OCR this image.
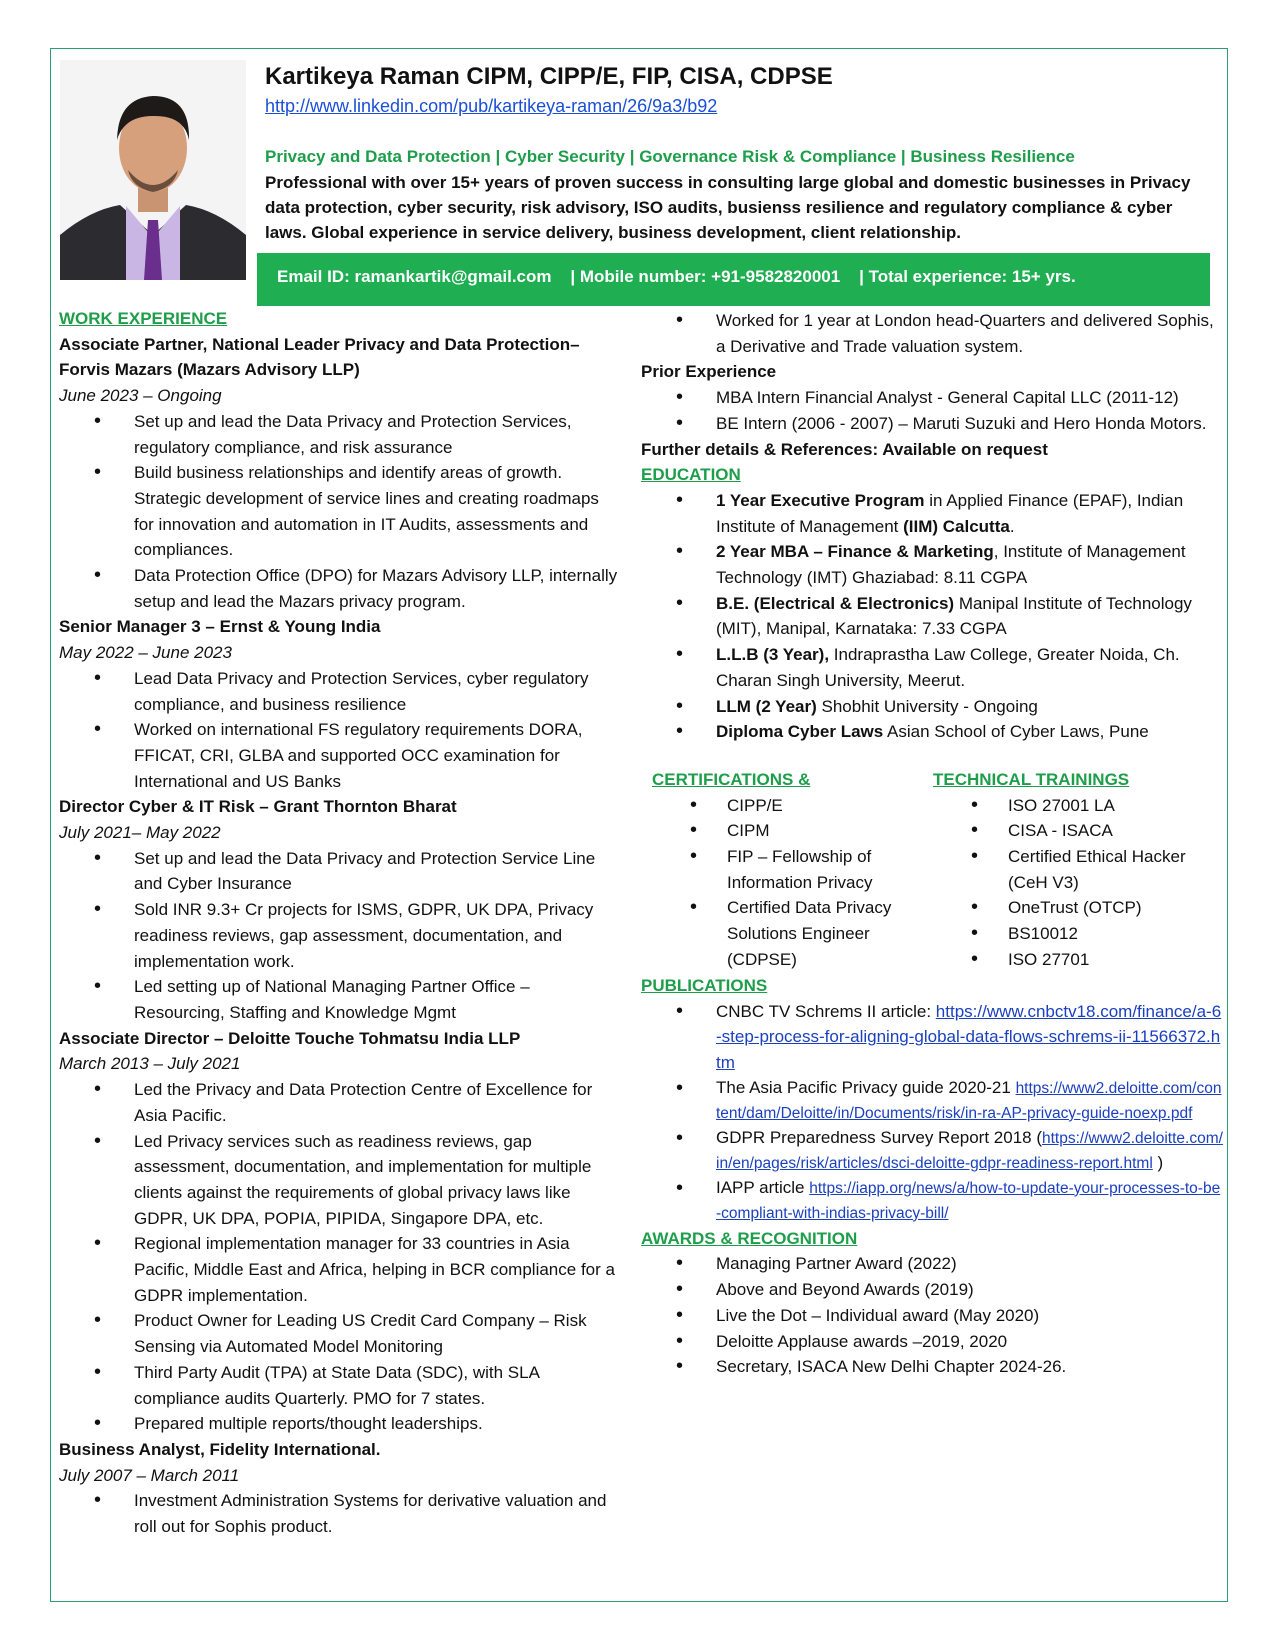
Kartikeya Raman CIPM, CIPP/E, FIP, CISA, CDPSE
http://www.linkedin.com/pub/kartikeya-raman/26/9a3/b92
Privacy and Data Protection | Cyber Security | Governance Risk & Compliance | Business Resilience
Professional with over 15+ years of proven success in consulting large global and domestic businesses in Privacy data protection, cyber security, risk advisory, ISO audits, busienss resilience and regulatory compliance & cyber laws. Global experience in service delivery, business development, client relationship.
Email ID: ramankartik@gmail.com    | Mobile number: +91-9582820001    | Total experience: 15+ yrs.
WORK EXPERIENCE
Associate Partner, National Leader Privacy and Data Protection– Forvis Mazars (Mazars Advisory LLP)
June 2023 – Ongoing
• Set up and lead the Data Privacy and Protection Services, regulatory compliance, and risk assurance
• Build business relationships and identify areas of growth. Strategic development of service lines and creating roadmaps for innovation and automation in IT Audits, assessments and compliances.
• Data Protection Office (DPO) for Mazars Advisory LLP, internally setup and lead the Mazars privacy program.
Senior Manager 3 – Ernst & Young India
May 2022 – June 2023
• Lead Data Privacy and Protection Services, cyber regulatory compliance, and business resilience
• Worked on international FS regulatory requirements DORA, FFICAT, CRI, GLBA and supported OCC examination for International and US Banks
Director Cyber & IT Risk – Grant Thornton Bharat
July 2021– May 2022
• Set up and lead the Data Privacy and Protection Service Line and Cyber Insurance
• Sold INR 9.3+ Cr projects for ISMS, GDPR, UK DPA, Privacy readiness reviews, gap assessment, documentation, and implementation work.
• Led setting up of National Managing Partner Office – Resourcing, Staffing and Knowledge Mgmt
Associate Director – Deloitte Touche Tohmatsu India LLP
March 2013 – July 2021
• Led the Privacy and Data Protection Centre of Excellence for Asia Pacific.
• Led Privacy services such as readiness reviews, gap assessment, documentation, and implementation for multiple clients against the requirements of global privacy laws like GDPR, UK DPA, POPIA, PIPIDA, Singapore DPA, etc.
• Regional implementation manager for 33 countries in Asia Pacific, Middle East and Africa, helping in BCR compliance for a GDPR implementation.
• Product Owner for Leading US Credit Card Company – Risk Sensing via Automated Model Monitoring
• Third Party Audit (TPA) at State Data (SDC), with SLA compliance audits Quarterly. PMO for 7 states.
• Prepared multiple reports/thought leaderships.
Business Analyst, Fidelity International.
July 2007 – March 2011
• Investment Administration Systems for derivative valuation and roll out for Sophis product.
• Worked for 1 year at London head-Quarters and delivered Sophis, a Derivative and Trade valuation system.
Prior Experience
• MBA Intern Financial Analyst - General Capital LLC (2011-12)
• BE Intern (2006 - 2007) – Maruti Suzuki and Hero Honda Motors.
Further details & References: Available on request
EDUCATION
• 1 Year Executive Program in Applied Finance (EPAF), Indian Institute of Management (IIM) Calcutta.
• 2 Year MBA – Finance & Marketing, Institute of Management Technology (IMT) Ghaziabad: 8.11 CGPA
• B.E. (Electrical & Electronics) Manipal Institute of Technology (MIT), Manipal, Karnataka: 7.33 CGPA
• L.L.B (3 Year), Indraprastha Law College, Greater Noida, Ch. Charan Singh University, Meerut.
• LLM (2 Year) Shobhit University - Ongoing
• Diploma Cyber Laws Asian School of Cyber Laws, Pune
CERTIFICATIONS &
• CIPP/E
• CIPM
• FIP – Fellowship of Information Privacy
• Certified Data Privacy Solutions Engineer (CDPSE)
TECHNICAL TRAININGS
• ISO 27001 LA
• CISA - ISACA
• Certified Ethical Hacker (CeH V3)
• OneTrust (OTCP)
• BS10012
• ISO 27701
PUBLICATIONS
• CNBC TV Schrems II article: https://www.cnbctv18.com/finance/a-6-step-process-for-aligning-global-data-flows-schrems-ii-11566372.htm
• The Asia Pacific Privacy guide 2020-21 https://www2.deloitte.com/content/dam/Deloitte/in/Documents/risk/in-ra-AP-privacy-guide-noexp.pdf
• GDPR Preparedness Survey Report 2018 (https://www2.deloitte.com/in/en/pages/risk/articles/dsci-deloitte-gdpr-readiness-report.html )
• IAPP article https://iapp.org/news/a/how-to-update-your-processes-to-be-compliant-with-indias-privacy-bill/
AWARDS & RECOGNITION
• Managing Partner Award (2022)
• Above and Beyond Awards (2019)
• Live the Dot – Individual award (May 2020)
• Deloitte Applause awards –2019, 2020
• Secretary, ISACA New Delhi Chapter 2024-26.
